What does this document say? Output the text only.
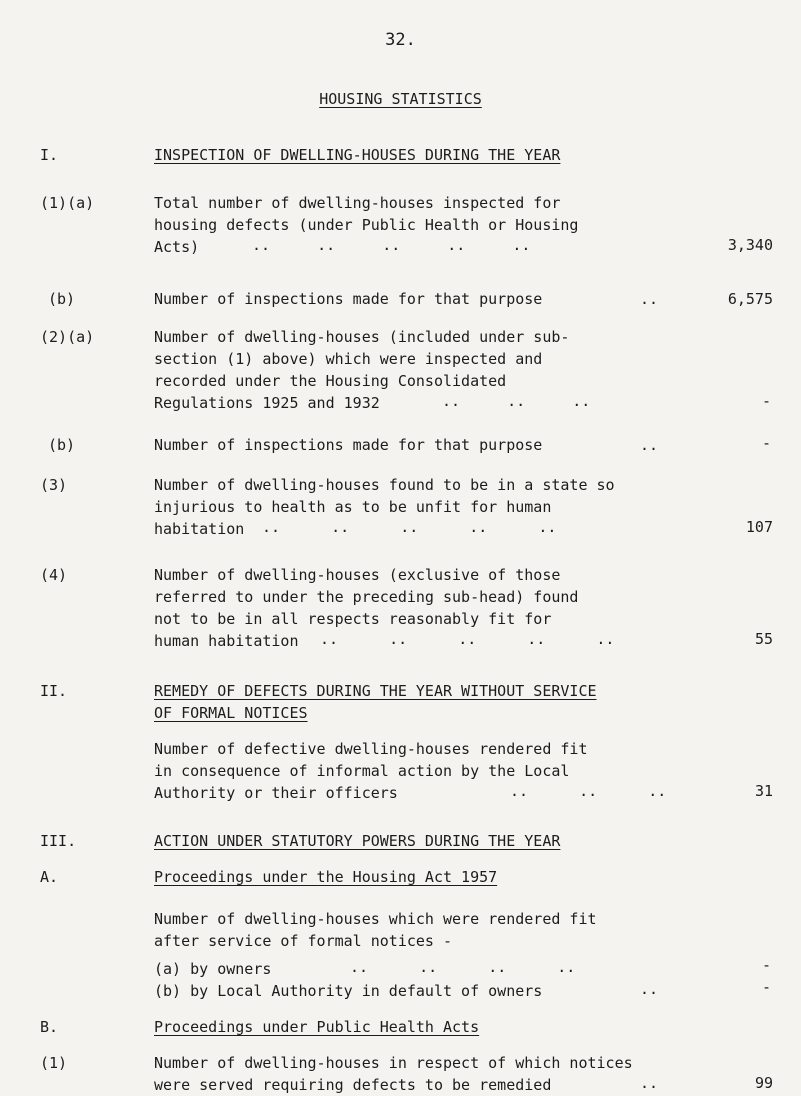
32.
HOUSING STATISTICS
I.	INSPECTION OF DWELLING-HOUSES DURING THE YEAR
(1)(a)	Total number of dwelling-houses inspected for
housing defects (under Public Health or Housing
Acts)	..	..	..	..	..	3,340
(b)	Number of inspections made for that purpose	..	6,575
(2)(a)	Number of dwelling-houses (included under sub-
section (1) above) which were inspected and
recorded under the Housing Consolidated
Regulations 1925 and 1932	..	..	..	-
(b)	Number of inspections made for that purpose	..	-
(3)	Number of dwelling-houses found to be in a state so
injurious to health as to be unfit for human
habitation	..	..	..	..	..	107
(4)	Number of dwelling-houses (exclusive of those
referred to under the preceding sub-head) found
not to be in all respects reasonably fit for
human habitation	..	..	..	..	..	55
II.	REMEDY OF DEFECTS DURING THE YEAR WITHOUT SERVICE
OF FORMAL NOTICES
Number of defective dwelling-houses rendered fit
in consequence of informal action by the Local
Authority or their officers	..	..	..	31
III.	ACTION UNDER STATUTORY POWERS DURING THE YEAR
A.	Proceedings under the Housing Act 1957
Number of dwelling-houses which were rendered fit
after service of formal notices -
(a) by owners	..	..	..	..	-
(b) by Local Authority in default of owners	..	-
B.	Proceedings under Public Health Acts
(1)	Number of dwelling-houses in respect of which notices
were served requiring defects to be remedied	..	99
